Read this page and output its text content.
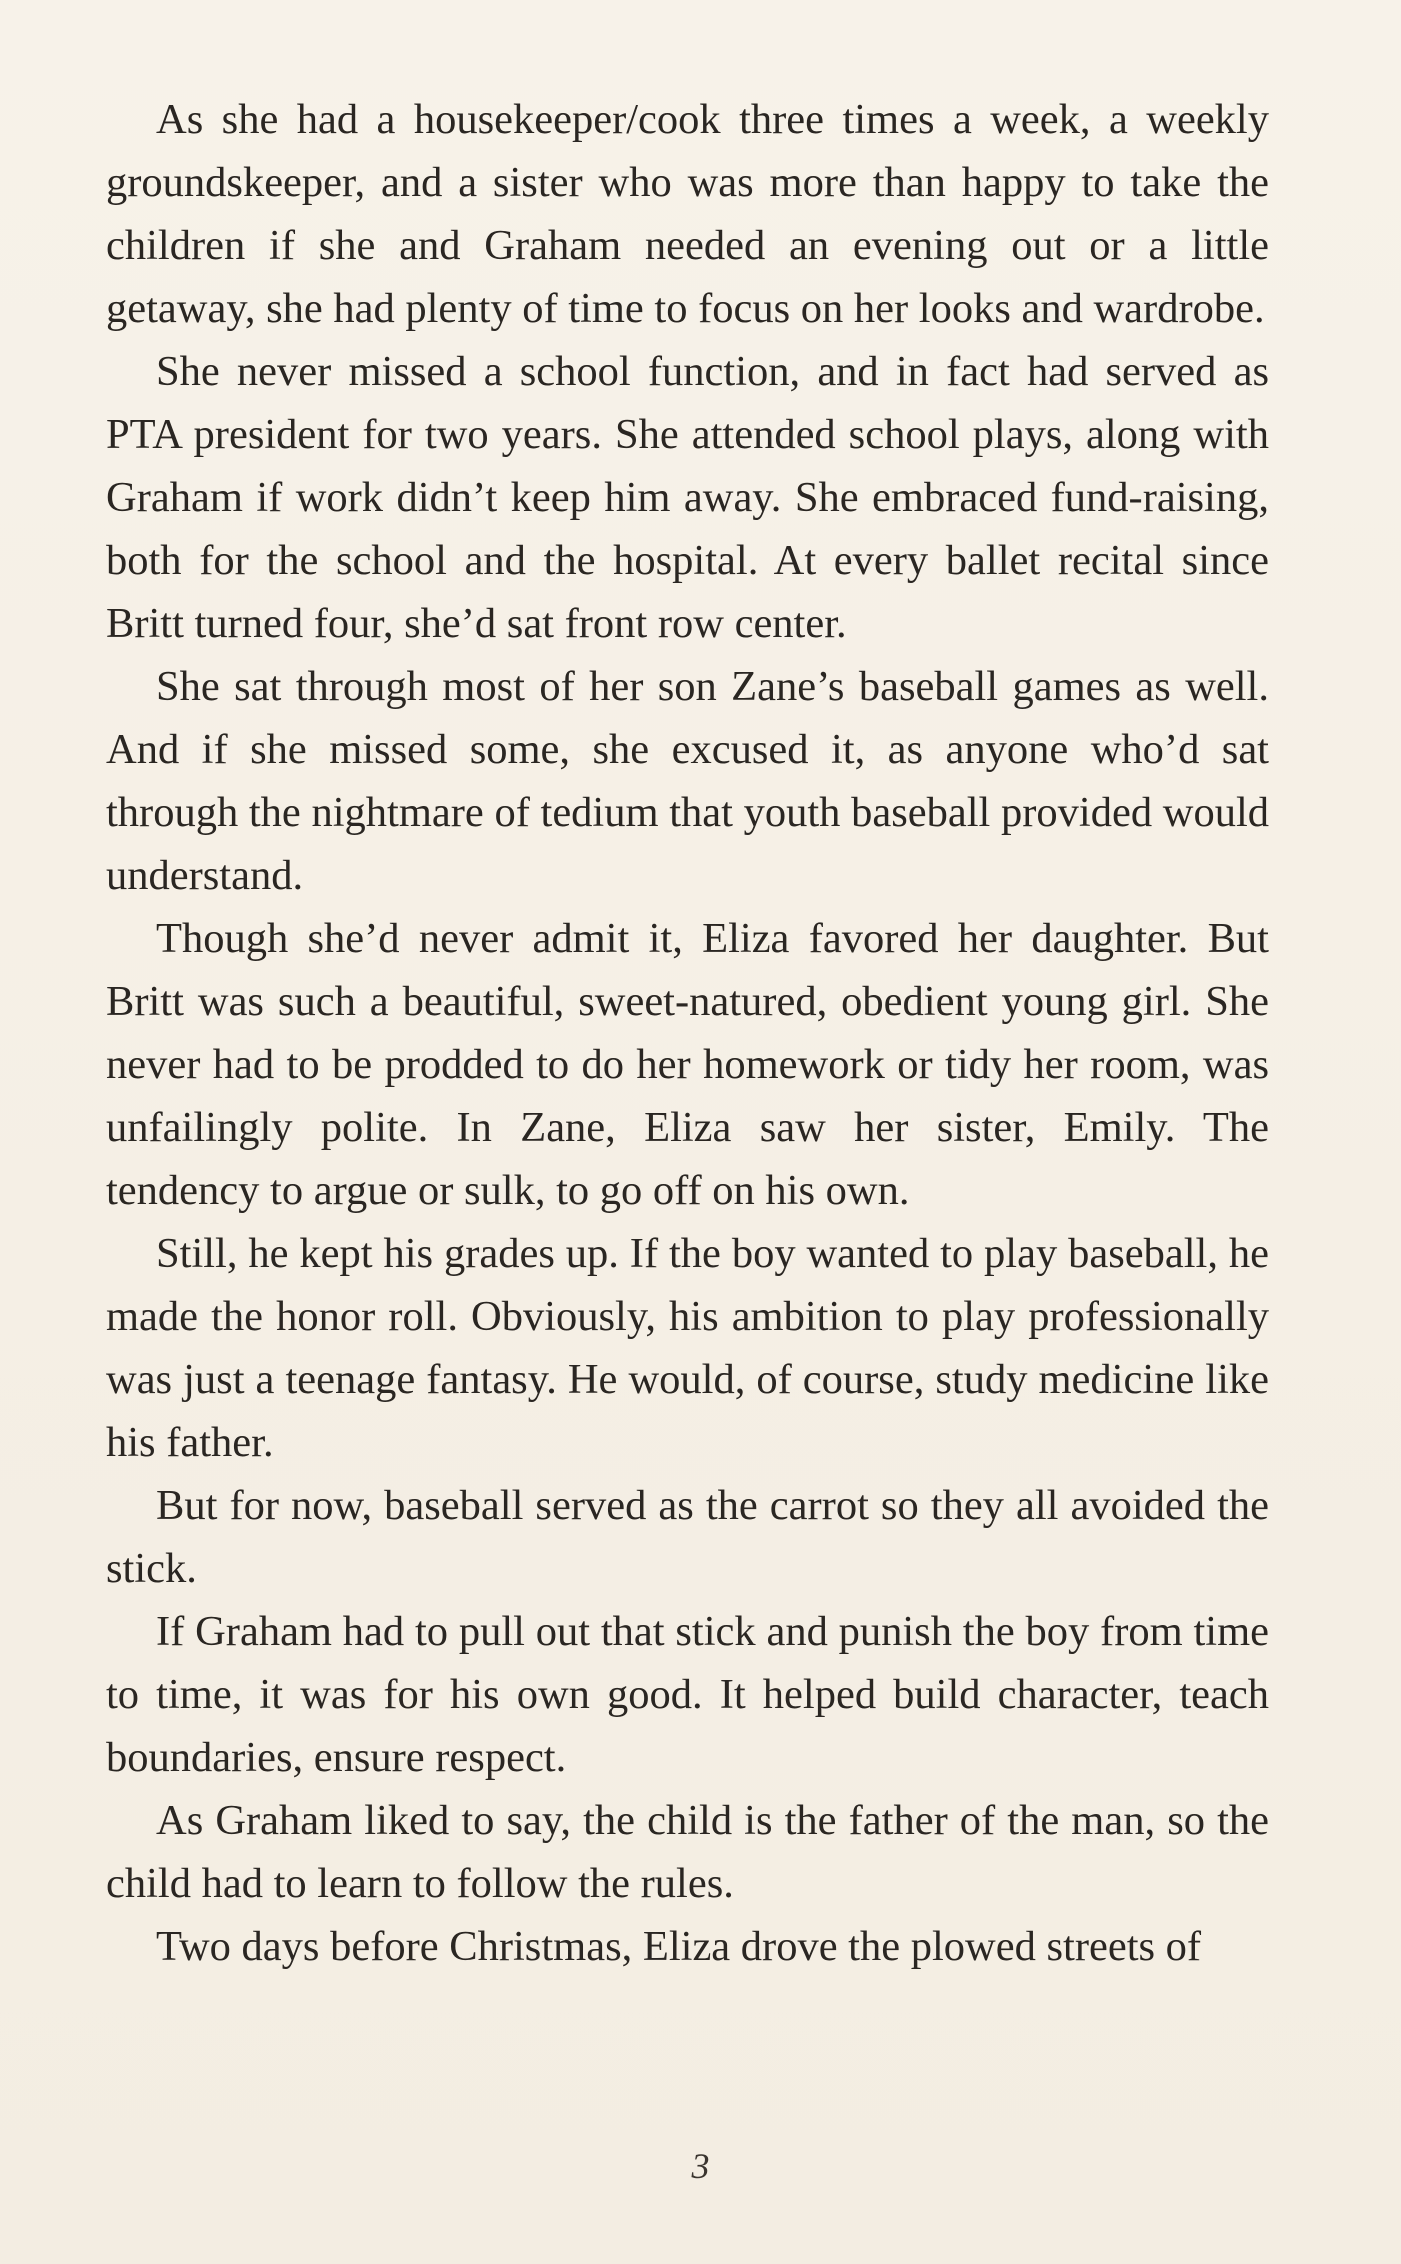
As she had a housekeeper/cook three times a week, a weekly groundskeeper, and a sister who was more than happy to take the children if she and Graham needed an evening out or a little getaway, she had plenty of time to focus on her looks and wardrobe.

She never missed a school function, and in fact had served as PTA president for two years. She attended school plays, along with Graham if work didn’t keep him away. She embraced fund-raising, both for the school and the hospital. At every ballet recital since Britt turned four, she’d sat front row center.

She sat through most of her son Zane’s baseball games as well. And if she missed some, she excused it, as anyone who’d sat through the nightmare of tedium that youth baseball provided would understand.

Though she’d never admit it, Eliza favored her daughter. But Britt was such a beautiful, sweet-natured, obedient young girl. She never had to be prodded to do her homework or tidy her room, was unfailingly polite. In Zane, Eliza saw her sister, Emily. The tendency to argue or sulk, to go off on his own.

Still, he kept his grades up. If the boy wanted to play baseball, he made the honor roll. Obviously, his ambition to play professionally was just a teenage fantasy. He would, of course, study medicine like his father.

But for now, baseball served as the carrot so they all avoided the stick.

If Graham had to pull out that stick and punish the boy from time to time, it was for his own good. It helped build character, teach boundaries, ensure respect.

As Graham liked to say, the child is the father of the man, so the child had to learn to follow the rules.

Two days before Christmas, Eliza drove the plowed streets of

3
